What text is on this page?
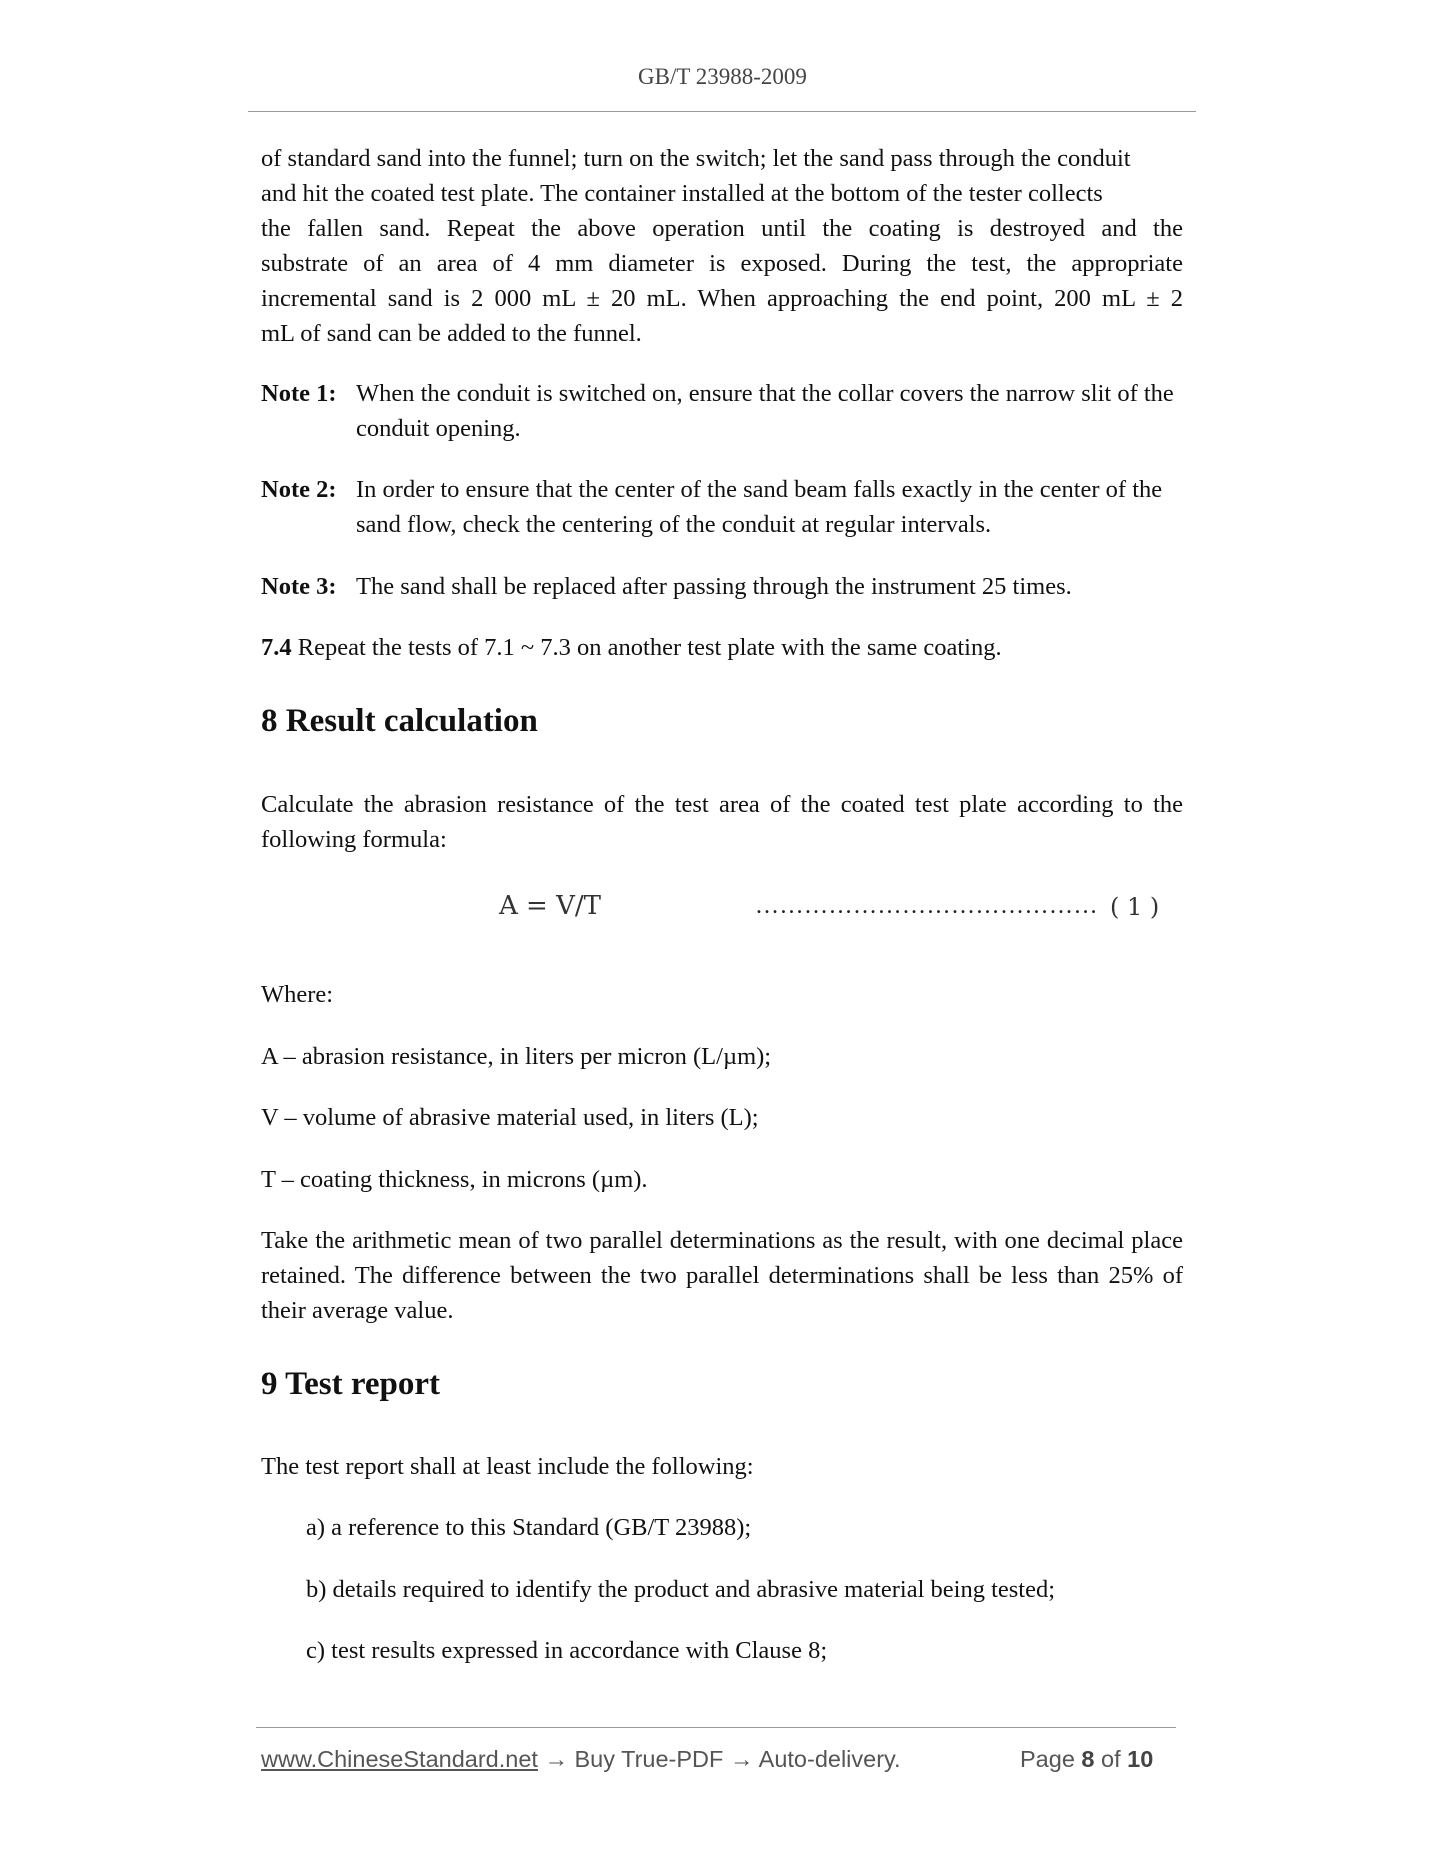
GB/T 23988-2009
of standard sand into the funnel; turn on the switch; let the sand pass through the conduit
and hit the coated test plate. The container installed at the bottom of the tester collects
the fallen sand. Repeat the above operation until the coating is destroyed and the
substrate of an area of 4 mm diameter is exposed. During the test, the appropriate
incremental sand is 2 000 mL ± 20 mL. When approaching the end point, 200 mL ± 2
mL of sand can be added to the funnel.
Note 1: When the conduit is switched on, ensure that the collar covers the narrow slit of the conduit opening.
Note 2: In order to ensure that the center of the sand beam falls exactly in the center of the sand flow, check the centering of the conduit at regular intervals.
Note 3: The sand shall be replaced after passing through the instrument 25 times.
7.4 Repeat the tests of 7.1 ~ 7.3 on another test plate with the same coating.
8 Result calculation
Calculate the abrasion resistance of the test area of the coated test plate according to the following formula:
A = V/T	…………………………………… ( 1 )
Where:
A – abrasion resistance, in liters per micron (L/µm);
V – volume of abrasive material used, in liters (L);
T – coating thickness, in microns (µm).
Take the arithmetic mean of two parallel determinations as the result, with one decimal place retained. The difference between the two parallel determinations shall be less than 25% of their average value.
9 Test report
The test report shall at least include the following:
a) a reference to this Standard (GB/T 23988);
b) details required to identify the product and abrasive material being tested;
c) test results expressed in accordance with Clause 8;
www.ChineseStandard.net → Buy True-PDF → Auto-delivery.	Page 8 of 10
